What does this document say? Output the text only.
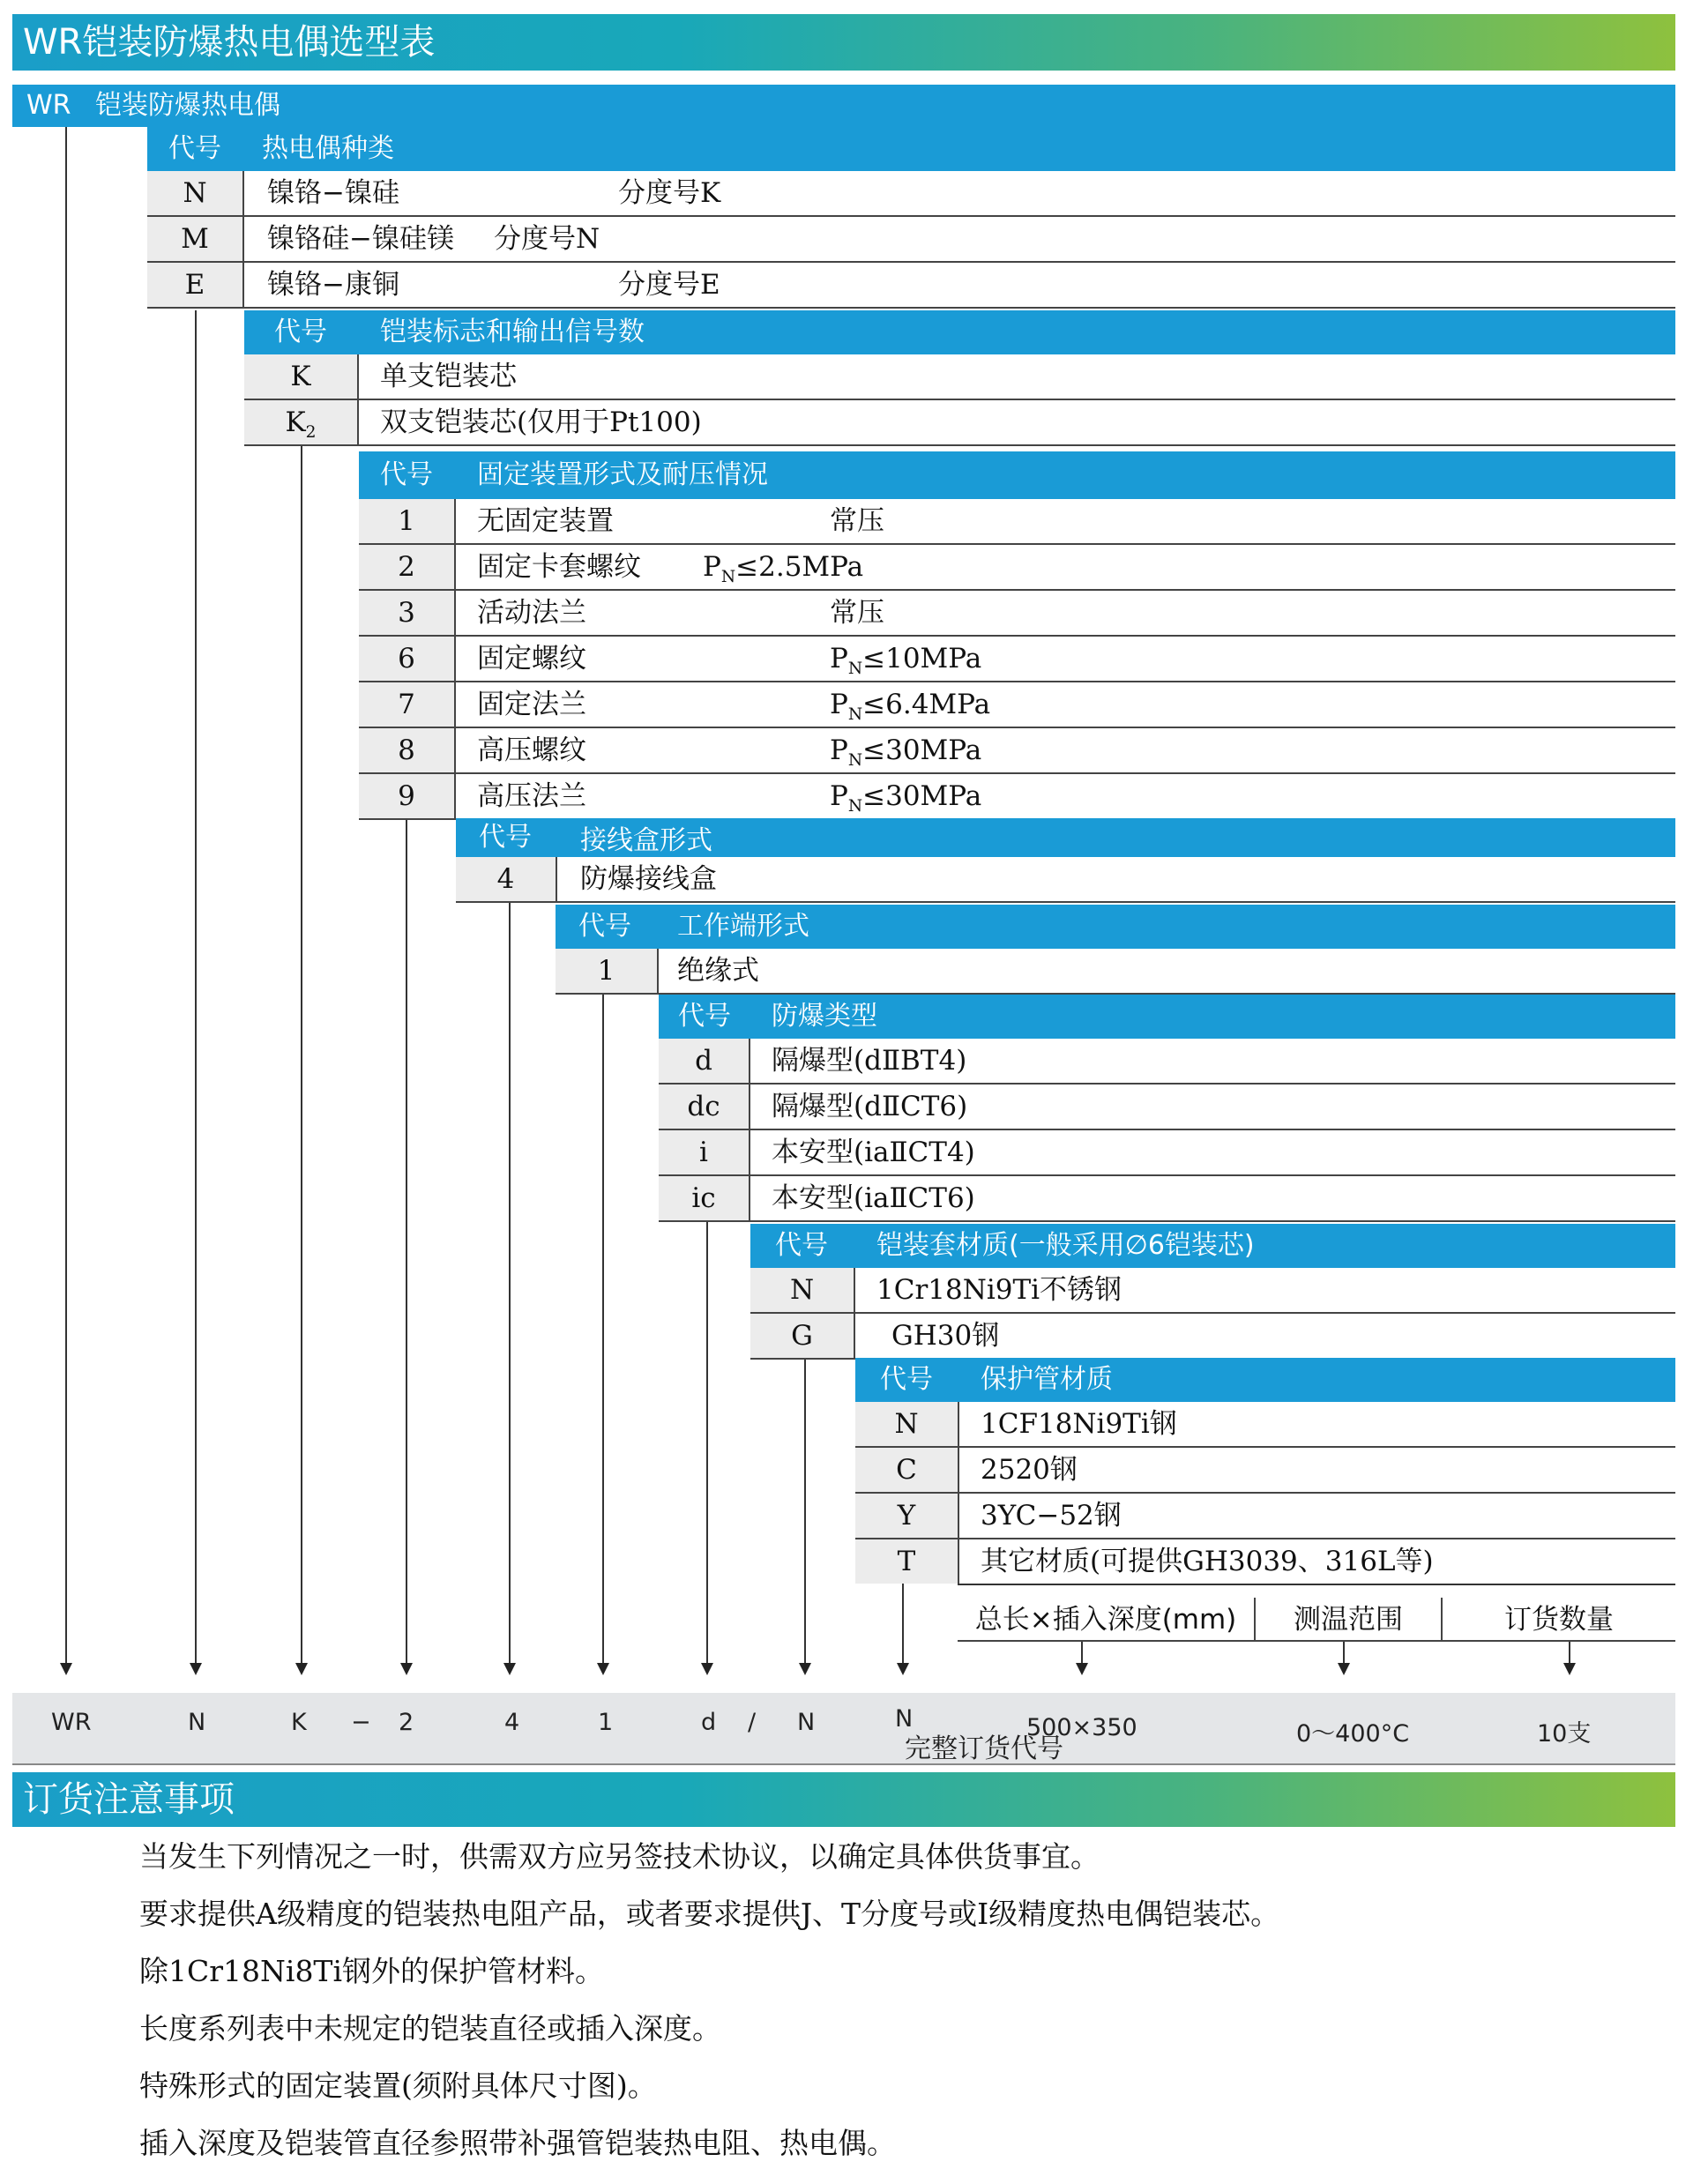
WR铠装防爆热电偶选型表
WR 铠装防爆热电偶
代号 热电偶种类
N	镍铬−镍硅	分度号K
M	镍铬硅−镍硅镁 分度号N
E	镍铬−康铜	分度号E
代号 铠装标志和输出信号数
K	单支铠装芯
$K_2$	双支铠装芯(仅用于Pt100)
代号 固定装置形式及耐压情况
1	无固定装置	常压
2	固定卡套螺纹 $P_N\le 2.5MPa$
3	活动法兰	常压
6	固定螺纹	$P_N\le 10MPa$
7	固定法兰	$P_N\le 6.4MPa$
8	高压螺纹	$P_N\le 30MPa$
9	高压法兰	$P_N\le 30MPa$
代号 接线盒形式
4	防爆接线盒
代号 工作端形式
1	绝缘式
代号 防爆类型
d	隔爆型(dⅡBT4)
dc	隔爆型(dⅡCT6)
i	本安型(iaⅡCT4)
ic	本安型(iaⅡCT6)
代号 铠装套材质(一般采用∅6铠装芯)
N	1Cr18Ni9Ti不锈钢
G	GH30钢
代号 保护管材质
N	1CF18Ni9Ti钢
C	2520钢
Y	3YC−52钢
T	其它材质(可提供GH3039、316L等)
总长×插入深度(mm)	测温范围	订货数量
WR	N	K − 2	4	1	d / N	N	500×350	0～400°C	10支
完整订货代号
订货注意事项
当发生下列情况之一时，供需双方应另签技术协议，以确定具体供货事宜。
要求提供A级精度的铠装热电阻产品，或者要求提供J、T分度号或Ⅰ级精度热电偶铠装芯。
除1Cr18Ni8Ti钢外的保护管材料。
长度系列表中未规定的铠装直径或插入深度。
特殊形式的固定装置(须附具体尺寸图)。
插入深度及铠装管直径参照带补强管铠装热电阻、热电偶。
